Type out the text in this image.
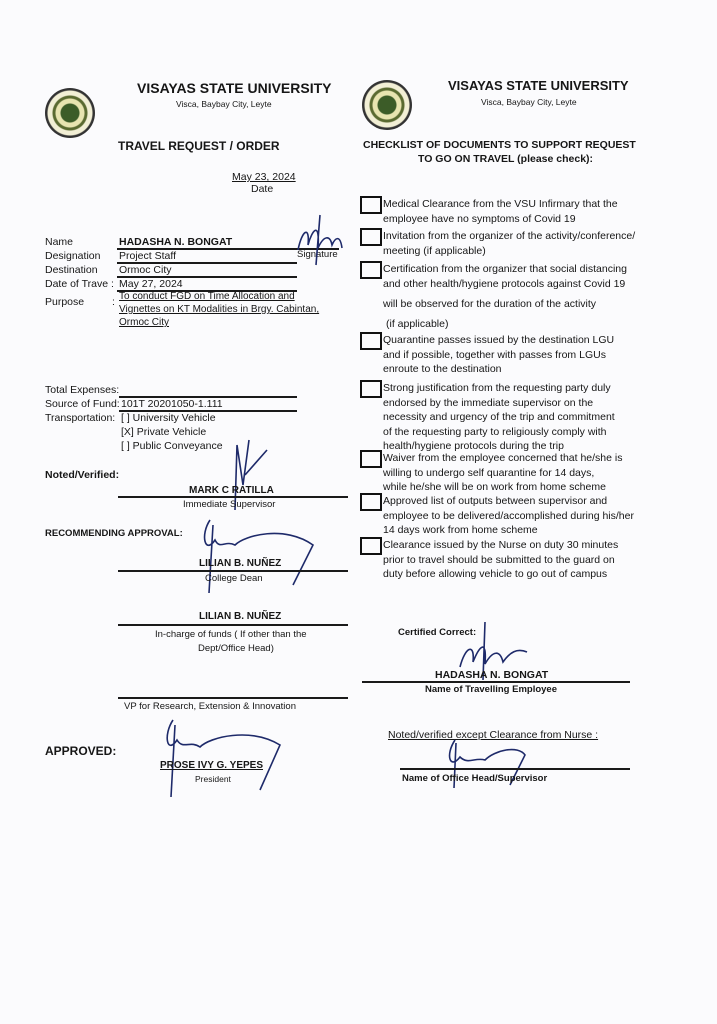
VISAYAS STATE UNIVERSITY
Visca, Baybay City, Leyte
TRAVEL REQUEST / ORDER
May 23, 2024
Date
Name	HADASHA N. BONGAT
Designation Project Staff
Destination Ormoc City
Date of Trave : May 27, 2024
Signature
Purpose	: To conduct FGD on Time Allocation and
Vignettes on KT Modalities in Brgy. Cabintan,
Ormoc City
Total Expenses:
Source of Fund: 101T 20201050-1.111
Transportation: [ ] University Vehicle
[X] Private Vehicle
[ ] Public Conveyance
Noted/Verified:
MARK C RATILLA
Immediate Supervisor
RECOMMENDING APPROVAL:
LILIAN B. NUÑEZ
College Dean
LILIAN B. NUÑEZ
In-charge of funds ( If other than the
Dept/Office Head)
VP for Research, Extension & Innovation
APPROVED:
PROSE IVY G. YEPES
President
VISAYAS STATE UNIVERSITY
Visca, Baybay City, Leyte
CHECKLIST OF DOCUMENTS TO SUPPORT REQUEST
TO GO ON TRAVEL (please check):
Medical Clearance from the VSU Infirmary that the
employee have no symptoms of Covid 19
Invitation from the organizer of the activity/conference/
meeting (if applicable)
Certification from the organizer that social distancing
and other health/hygiene protocols against Covid 19
will be observed for the duration of the activity
Quarantine passes issued by the destination LGU
and if possible, together with passes from LGUs
enroute to the destination
Strong justification from the requesting party duly
endorsed by the immediate supervisor on the
necessity and urgency of the trip and commitment
of the requesting party to religiously comply with
health/hygiene protocols during the trip
Waiver from the employee concerned that he/she is
willing to undergo self quarantine for 14 days,
while he/she will be on work from home scheme
Approved list of outputs between supervisor and
employee to be delivered/accomplished during his/her
14 days work from home scheme
Clearance issued by the Nurse on duty 30 minutes
prior to travel should be submitted to the guard on
duty before allowing vehicle to go out of campus
(if applicable)
Certified Correct:
HADASHA N. BONGAT
Name of Travelling Employee
Noted/verified except Clearance from Nurse :
Name of Office Head/Supervisor
